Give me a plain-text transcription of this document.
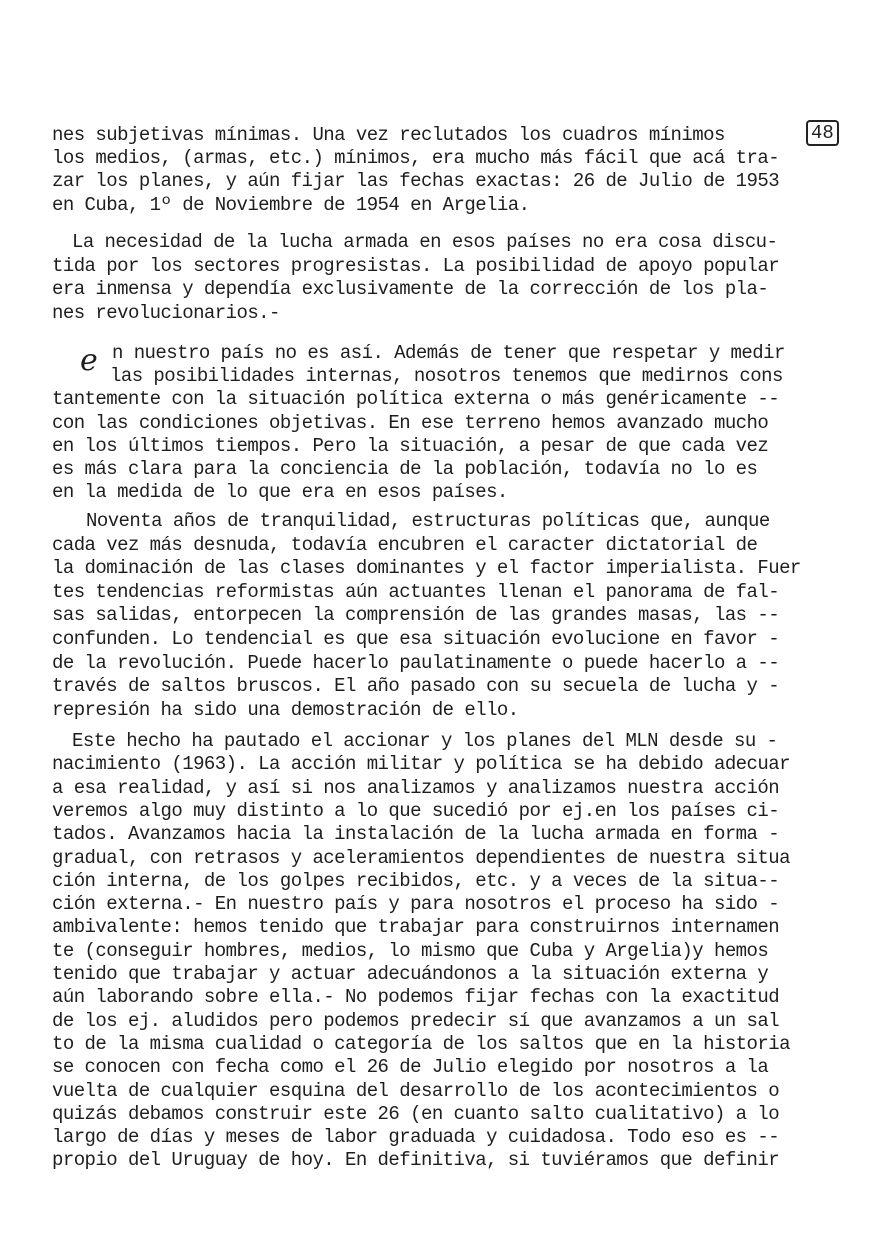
48
e

nes subjetivas mínimas. Una vez reclutados los cuadros mínimos

los medios, (armas, etc.) mínimos, era mucho más fácil que acá tra-

zar los planes, y aún fijar las fechas exactas: 26 de Julio de 1953

en Cuba, 1º de Noviembre de 1954 en Argelia.

La necesidad de la lucha armada en esos países no era cosa discu-

tida por los sectores progresistas. La posibilidad de apoyo popular

era inmensa y dependía exclusivamente de la corrección de los pla-

nes revolucionarios.-

n nuestro país no es así. Además de tener que respetar y medir

las posibilidades internas, nosotros tenemos que medirnos cons

tantemente con la situación política externa o más genéricamente --

con las condiciones objetivas. En ese terreno hemos avanzado mucho

en los últimos tiempos. Pero la situación, a pesar de que cada vez

es más clara para la conciencia de la población, todavía no lo es

en la medida de lo que era en esos países.

Noventa años de tranquilidad, estructuras políticas que, aunque

cada vez más desnuda, todavía encubren el caracter dictatorial de

la dominación de las clases dominantes y el factor imperialista. Fuer

tes tendencias reformistas aún actuantes llenan el panorama de fal-

sas salidas, entorpecen la comprensión de las grandes masas, las --

confunden. Lo tendencial es que esa situación evolucione en favor -

de la revolución. Puede hacerlo paulatinamente o puede hacerlo a --

través de saltos bruscos. El año pasado con su secuela de lucha y -

represión ha sido una demostración de ello.

Este hecho ha pautado el accionar y los planes del MLN desde su -

nacimiento (1963). La acción militar y política se ha debido adecuar

a esa realidad, y así si nos analizamos y analizamos nuestra acción

veremos algo muy distinto a lo que sucedió por ej.en los países ci-

tados. Avanzamos hacia la instalación de la lucha armada en forma -

gradual, con retrasos y aceleramientos dependientes de nuestra situa

ción interna, de los golpes recibidos, etc. y a veces de la situa--

ción externa.- En nuestro país y para nosotros el proceso ha sido -

ambivalente: hemos tenido que trabajar para construirnos internamen

te (conseguir hombres, medios, lo mismo que Cuba y Argelia)y hemos

tenido que trabajar y actuar adecuándonos a la situación externa y

aún laborando sobre ella.- No podemos fijar fechas con la exactitud

de los ej. aludidos pero podemos predecir sí que avanzamos a un sal

to de la misma cualidad o categoría de los saltos que en la historia

se conocen con fecha como el 26 de Julio elegido por nosotros a la

vuelta de cualquier esquina del desarrollo de los acontecimientos o

quizás debamos construir este 26 (en cuanto salto cualitativo) a lo

largo de días y meses de labor graduada y cuidadosa. Todo eso es --

propio del Uruguay de hoy. En definitiva, si tuviéramos que definir
